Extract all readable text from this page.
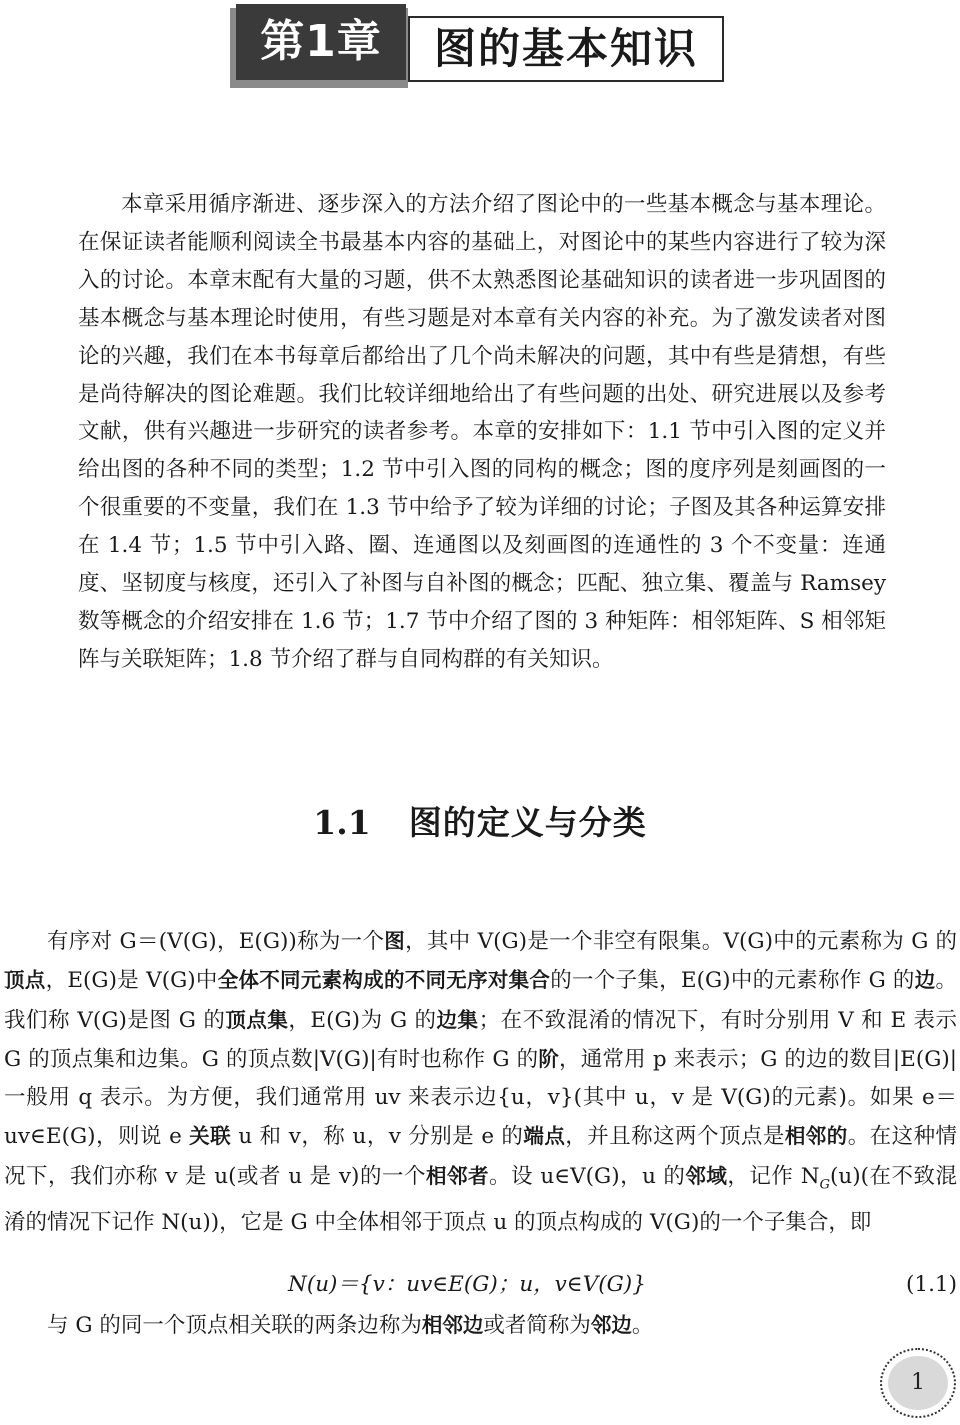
第1章	图的基本知识

本章采用循序渐进、逐步深入的方法介绍了图论中的一些基本概念与基本理论。在保证读者能顺利阅读全书最基本内容的基础上，对图论中的某些内容进行了较为深入的讨论。本章末配有大量的习题，供不太熟悉图论基础知识的读者进一步巩固图的基本概念与基本理论时使用，有些习题是对本章有关内容的补充。为了激发读者对图论的兴趣，我们在本书每章后都给出了几个尚未解决的问题，其中有些是猜想，有些是尚待解决的图论难题。我们比较详细地给出了有些问题的出处、研究进展以及参考文献，供有兴趣进一步研究的读者参考。本章的安排如下：1.1 节中引入图的定义并给出图的各种不同的类型；1.2 节中引入图的同构的概念；图的度序列是刻画图的一个很重要的不变量，我们在 1.3 节中给予了较为详细的讨论；子图及其各种运算安排在 1.4 节；1.5 节中引入路、圈、连通图以及刻画图的连通性的 3 个不变量：连通度、坚韧度与核度，还引入了补图与自补图的概念；匹配、独立集、覆盖与 Ramsey 数等概念的介绍安排在 1.6 节；1.7 节中介绍了图的 3 种矩阵：相邻矩阵、S 相邻矩阵与关联矩阵；1.8 节介绍了群与自同构群的有关知识。

1.1 图的定义与分类

有序对 G＝(V(G)，E(G))称为一个图，其中 V(G)是一个非空有限集。V(G)中的元素称为 G 的顶点，E(G)是 V(G)中全体不同元素构成的不同无序对集合的一个子集，E(G)中的元素称作 G 的边。我们称 V(G)是图 G 的顶点集，E(G)为 G 的边集；在不致混淆的情况下，有时分别用 V 和 E 表示 G 的顶点集和边集。G 的顶点数|V(G)|有时也称作 G 的阶，通常用 p 来表示；G 的边的数目|E(G)|一般用 q 表示。为方便，我们通常用 uv 来表示边{u，v}(其中 u，v 是 V(G)的元素)。如果 e＝uv∈E(G)，则说 e 关联 u 和 v，称 u，v 分别是 e 的端点，并且称这两个顶点是相邻的。在这种情况下，我们亦称 v 是 u(或者 u 是 v)的一个相邻者。设 u∈V(G)，u 的邻域，记作 $N_G(u)$(在不致混淆的情况下记作 N(u))，它是 G 中全体相邻于顶点 u 的顶点构成的 V(G)的一个子集合，即

N(u)＝{v：uv∈E(G)；u，v∈V(G)}	(1.1)

与 G 的同一个顶点相关联的两条边称为相邻边或者简称为邻边。

1
